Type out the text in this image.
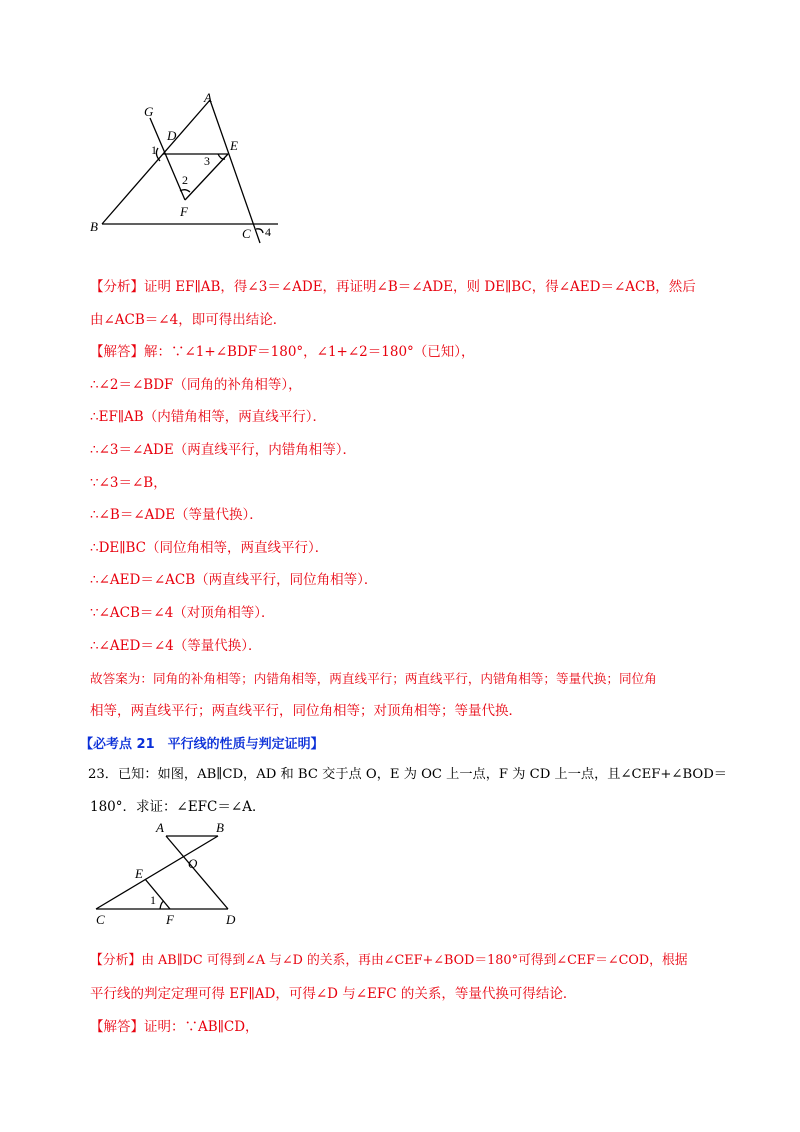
G
A
D
E
B	C
F
1
2
3
4
【分析】证明 EF∥AB，得∠3＝∠ADE，再证明∠B＝∠ADE，则 DE∥BC，得∠AED＝∠ACB，然后
由∠ACB＝∠4，即可得出结论．
【解答】解：∵∠1+∠BDF＝180°，∠1+∠2＝180°（已知），
∴∠2＝∠BDF（同角的补角相等），
∴EF∥AB（内错角相等，两直线平行）．
∴∠3＝∠ADE（两直线平行，内错角相等）．
∵∠3＝∠B，
∴∠B＝∠ADE（等量代换）．
∴DE∥BC（同位角相等，两直线平行）．
∴∠AED＝∠ACB（两直线平行，同位角相等）．
∵∠ACB＝∠4（对顶角相等）．
∴∠AED＝∠4（等量代换）．
故答案为：同角的补角相等；内错角相等，两直线平行；两直线平行，内错角相等；等量代换；同位角
相等，两直线平行；两直线平行，同位角相等；对顶角相等；等量代换．
【必考点 21　平行线的性质与判定证明】
23．已知：如图，AB∥CD，AD 和 BC 交于点 O，E 为 OC 上一点，F 为 CD 上一点，且∠CEF+∠BOD＝
180°．求证：∠EFC＝∠A．
A	B
O
E
C	F	D
1
【分析】由 AB∥DC 可得到∠A 与∠D 的关系，再由∠CEF+∠BOD＝180°可得到∠CEF＝∠COD，根据
平行线的判定定理可得 EF∥AD，可得∠D 与∠EFC 的关系，等量代换可得结论．
【解答】证明：∵AB∥CD，
